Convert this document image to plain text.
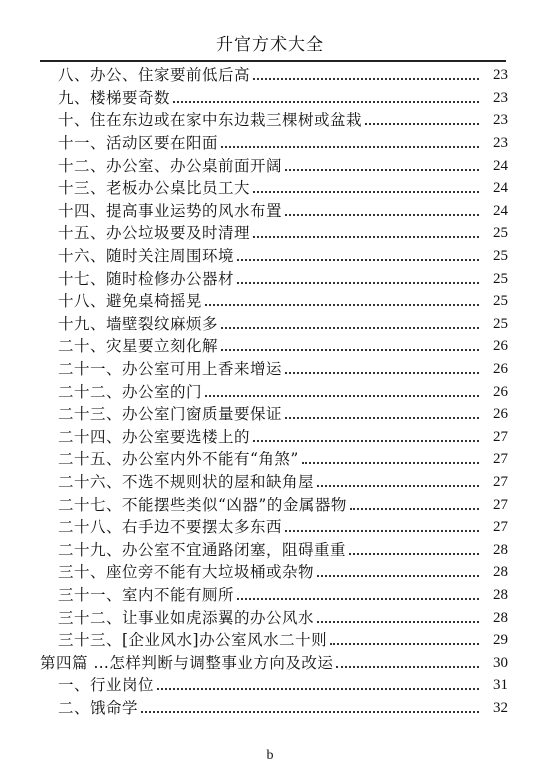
升官方术大全
八、办公、住家要前低后高	23
九、楼梯要奇数	23
十、住在东边或在家中东边栽三棵树或盆栽	23
十一、活动区要在阳面	23
十二、办公室、办公桌前面开阔	24
十三、老板办公桌比员工大	24
十四、提高事业运势的风水布置	24
十五、办公垃圾要及时清理	25
十六、随时关注周围环境	25
十七、随时检修办公器材	25
十八、避免桌椅摇晃	25
十九、墙壁裂纹麻烦多	25
二十、灾星要立刻化解	26
二十一、办公室可用上香来增运	26
二十二、办公室的门	26
二十三、办公室门窗质量要保证	26
二十四、办公室要选楼上的	27
二十五、办公室内外不能有“角煞”	27
二十六、不选不规则状的屋和缺角屋	27
二十七、不能摆些类似“凶器”的金属器物	27
二十八、右手边不要摆太多东西	27
二十九、办公室不宜通路闭塞，阻碍重重	28
三十、座位旁不能有大垃圾桶或杂物	28
三十一、室内不能有厕所	28
三十二、让事业如虎添翼的办公风水	28
三十三、[企业风水]办公室风水二十则	29
第四篇 …怎样判断与调整事业方向及改运	30
一、行业岗位	31
二、饿命学	32
b
